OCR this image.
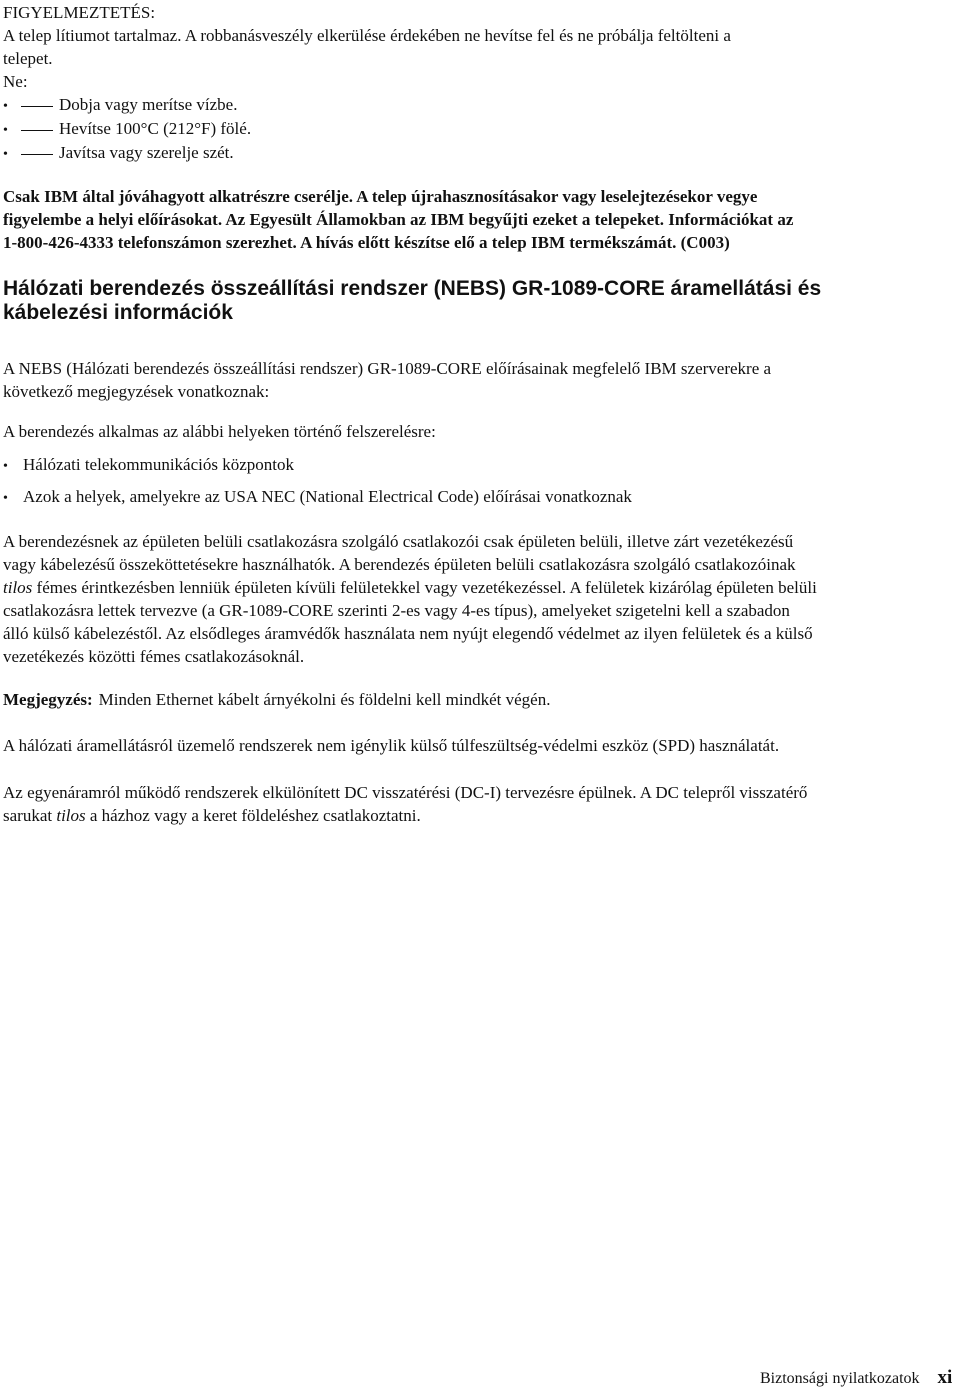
FIGYELMEZTETÉS:

A telep lítiumot tartalmaz. A robbanásveszély elkerülése érdekében ne hevítse fel és ne próbálja feltölteni a

telepet.

Ne:

•	Dobja vagy merítse vízbe.
•	Hevítse 100°C (212°F) fölé.
•	Javítsa vagy szerelje szét.
Csak IBM által jóváhagyott alkatrészre cserélje. A telep újrahasznosításakor vagy leselejtezésekor vegye
figyelembe a helyi előírásokat. Az Egyesült Államokban az IBM begyűjti ezeket a telepeket. Információkat az
1-800-426-4333 telefonszámon szerezhet. A hívás előtt készítse elő a telep IBM termékszámát. (C003)
Hálózati berendezés összeállítási rendszer (NEBS) GR-1089-CORE áramellátási és
kábelezési információk
A NEBS (Hálózati berendezés összeállítási rendszer) GR-1089-CORE előírásainak megfelelő IBM szerverekre a
következő megjegyzések vonatkoznak:
A berendezés alkalmas az alábbi helyeken történő felszerelésre:
• Hálózati telekommunikációs központok
• Azok a helyek, amelyekre az USA NEC (National Electrical Code) előírásai vonatkoznak
A berendezésnek az épületen belüli csatlakozásra szolgáló csatlakozói csak épületen belüli, illetve zárt vezetékezésű
vagy kábelezésű összeköttetésekre használhatók. A berendezés épületen belüli csatlakozásra szolgáló csatlakozóinak
tilos fémes érintkezésben lenniük épületen kívüli felületekkel vagy vezetékezéssel. A felületek kizárólag épületen belüli
csatlakozásra lettek tervezve (a GR-1089-CORE szerinti 2-es vagy 4-es típus), amelyeket szigetelni kell a szabadon
álló külső kábelezéstől. Az elsődleges áramvédők használata nem nyújt elegendő védelmet az ilyen felületek és a külső
vezetékezés közötti fémes csatlakozásoknál.
Megjegyzés: Minden Ethernet kábelt árnyékolni és földelni kell mindkét végén.
A hálózati áramellátásról üzemelő rendszerek nem igénylik külső túlfeszültség-védelmi eszköz (SPD) használatát.
Az egyenáramról működő rendszerek elkülönített DC visszatérési (DC-I) tervezésre épülnek. A DC telepről visszatérő
sarukat tilos a házhoz vagy a keret földeléshez csatlakoztatni.
Biztonsági nyilatkozatok xi
